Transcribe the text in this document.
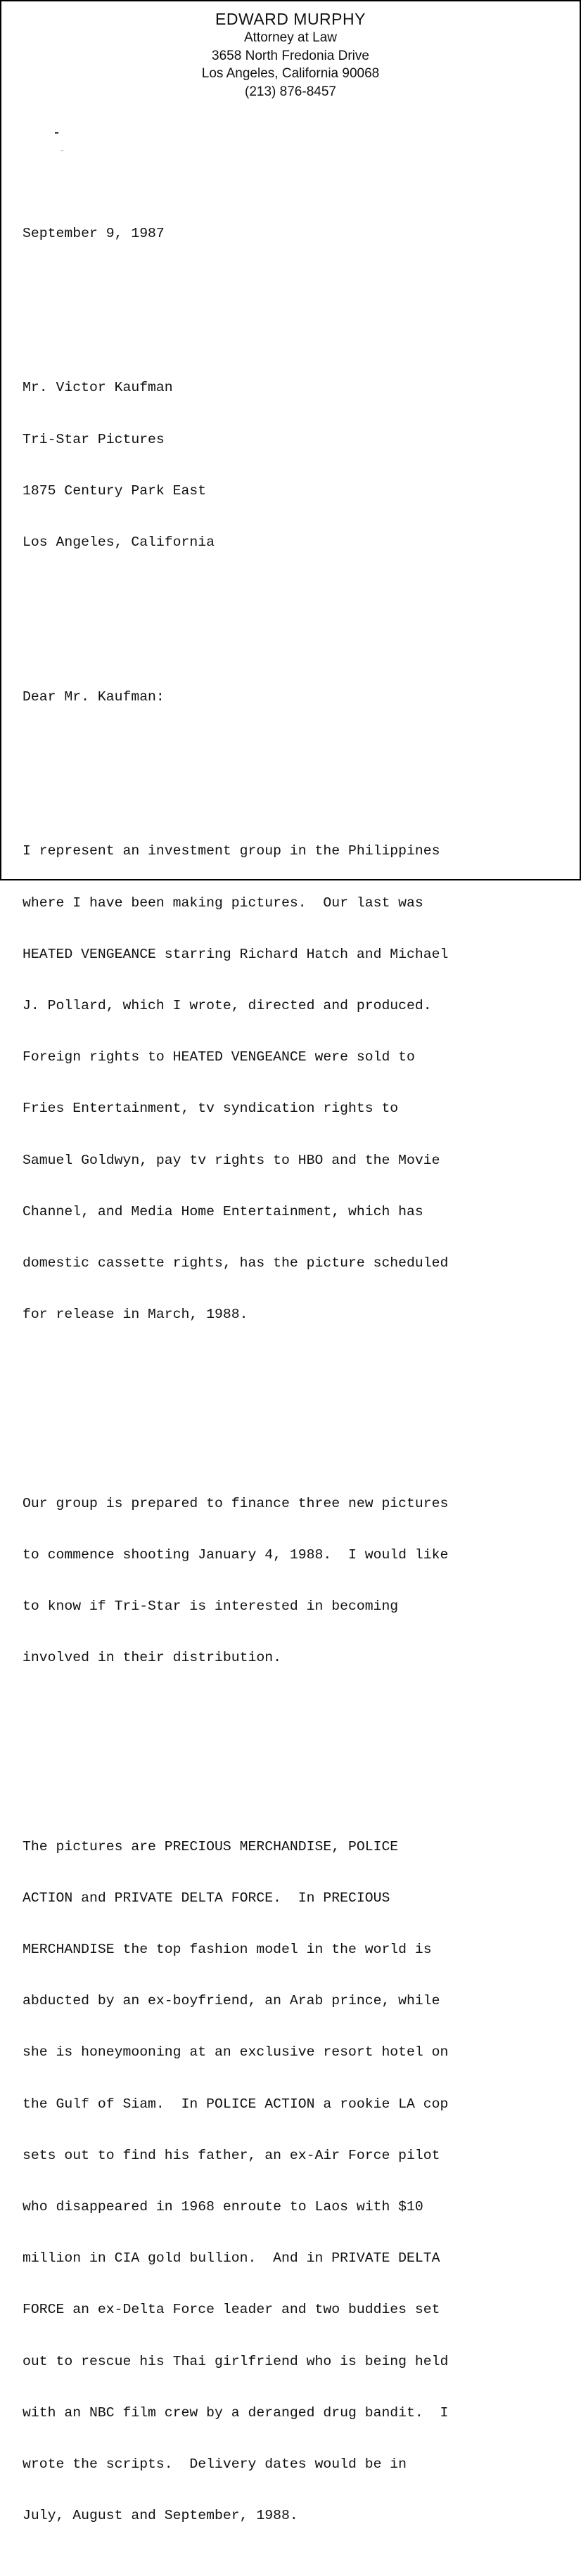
EDWARD MURPHY
Attorney at Law
3658 North Fredonia Drive
Los Angeles, California 90068
(213) 876-8457

September 9, 1987

Mr. Victor Kaufman

Tri-Star Pictures

1875 Century Park East

Los Angeles, California

Dear Mr. Kaufman:

I represent an investment group in the Philippines

where I have been making pictures.  Our last was

HEATED VENGEANCE starring Richard Hatch and Michael

J. Pollard, which I wrote, directed and produced.

Foreign rights to HEATED VENGEANCE were sold to

Fries Entertainment, tv syndication rights to

Samuel Goldwyn, pay tv rights to HBO and the Movie

Channel, and Media Home Entertainment, which has

domestic cassette rights, has the picture scheduled

for release in March, 1988.

Our group is prepared to finance three new pictures

to commence shooting January 4, 1988.  I would like

to know if Tri-Star is interested in becoming

involved in their distribution.

The pictures are PRECIOUS MERCHANDISE, POLICE

ACTION and PRIVATE DELTA FORCE.  In PRECIOUS

MERCHANDISE the top fashion model in the world is

abducted by an ex-boyfriend, an Arab prince, while

she is honeymooning at an exclusive resort hotel on

the Gulf of Siam.  In POLICE ACTION a rookie LA cop

sets out to find his father, an ex-Air Force pilot

who disappeared in 1968 enroute to Laos with $10

million in CIA gold bullion.  And in PRIVATE DELTA

FORCE an ex-Delta Force leader and two buddies set

out to rescue his Thai girlfriend who is being held

with an NBC film crew by a deranged drug bandit.  I

wrote the scripts.  Delivery dates would be in

July, August and September, 1988.
